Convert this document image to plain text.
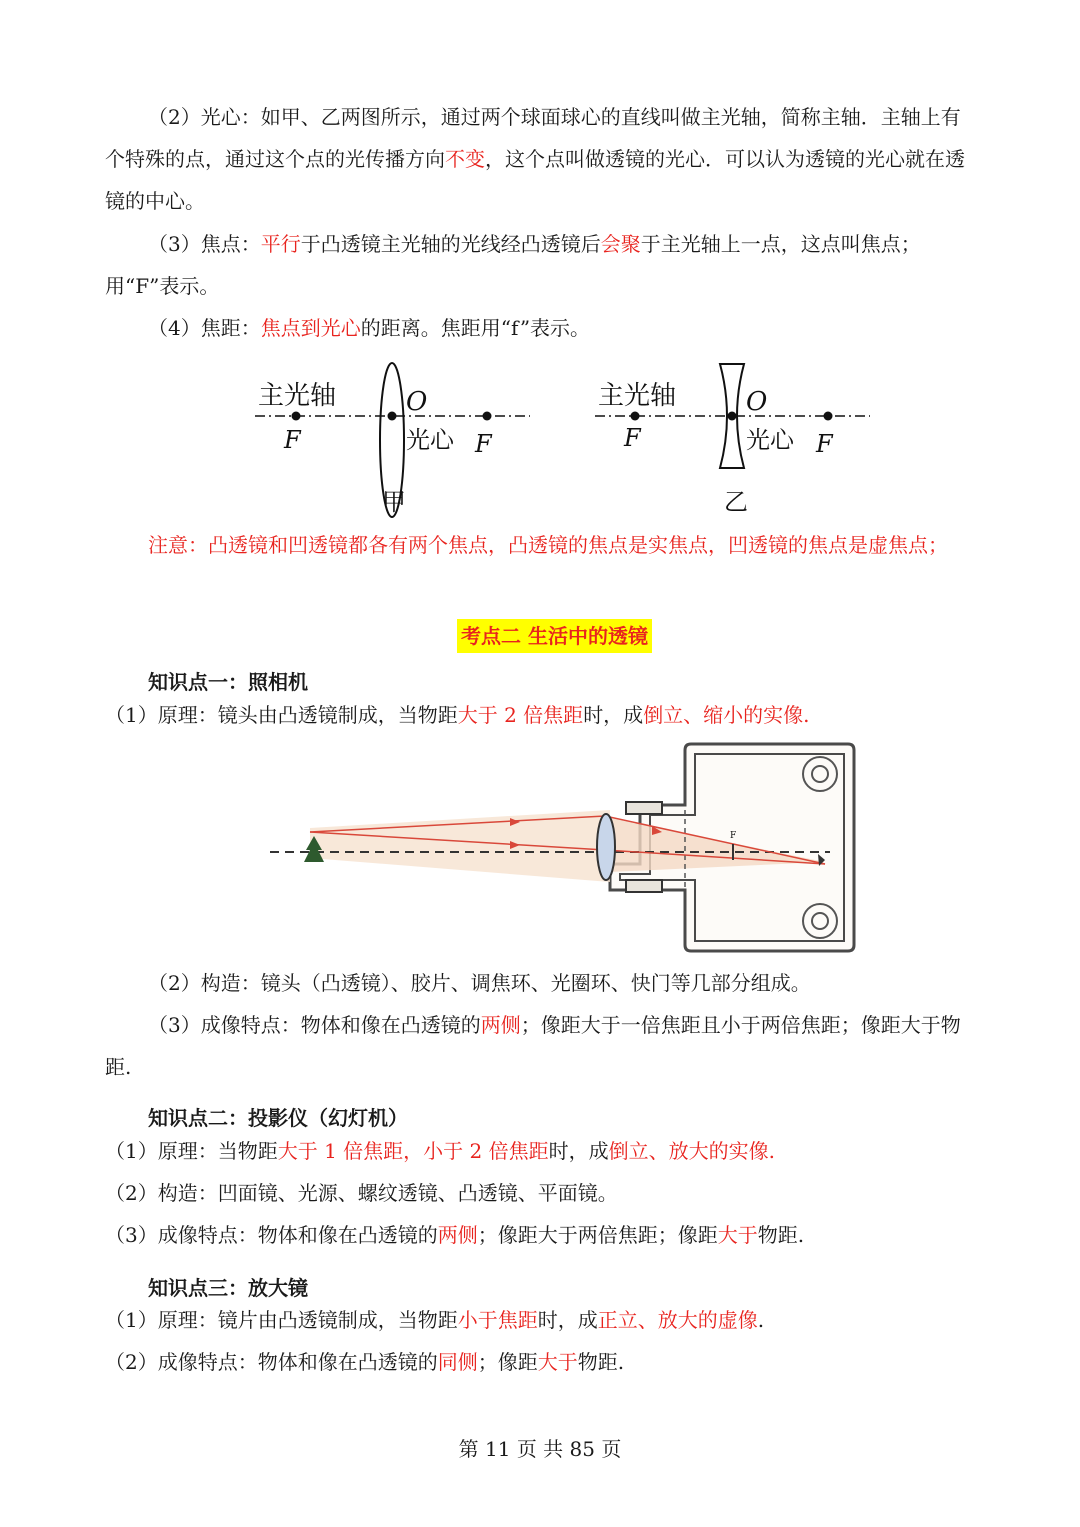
（2）光心：如甲、乙两图所示，通过两个球面球心的直线叫做主光轴，简称主轴．主轴上有个特殊的点，通过这个点的光传播方向不变，这个点叫做透镜的光心．可以认为透镜的光心就在透镜的中心。

（3）焦点：平行于凸透镜主光轴的光线经凸透镜后会聚于主光轴上一点，这点叫焦点；用“F”表示。

（4）焦距：焦点到光心的距离。焦距用“f”表示。

主光轴	O
F	光心 F
甲
主光轴	O
F	光心 F
乙

注意：凸透镜和凹透镜都各有两个焦点，凸透镜的焦点是实焦点，凹透镜的焦点是虚焦点；

考点二 生活中的透镜
知识点一：照相机

（1）原理：镜头由凸透镜制成，当物距大于 2 倍焦距时，成倒立、缩小的实像.

F

（2）构造：镜头（凸透镜）、胶片、调焦环、光圈环、快门等几部分组成。

（3）成像特点：物体和像在凸透镜的两侧；像距大于一倍焦距且小于两倍焦距；像距大于物距.

知识点二：投影仪（幻灯机）

（1）原理：当物距大于 1 倍焦距，小于 2 倍焦距时，成倒立、放大的实像.

（2）构造：凹面镜、光源、螺纹透镜、凸透镜、平面镜。

（3）成像特点：物体和像在凸透镜的两侧；像距大于两倍焦距；像距大于物距.

知识点三：放大镜

（1）原理：镜片由凸透镜制成，当物距小于焦距时，成正立、放大的虚像.

（2）成像特点：物体和像在凸透镜的同侧；像距大于物距.

第 11 页 共 85 页
